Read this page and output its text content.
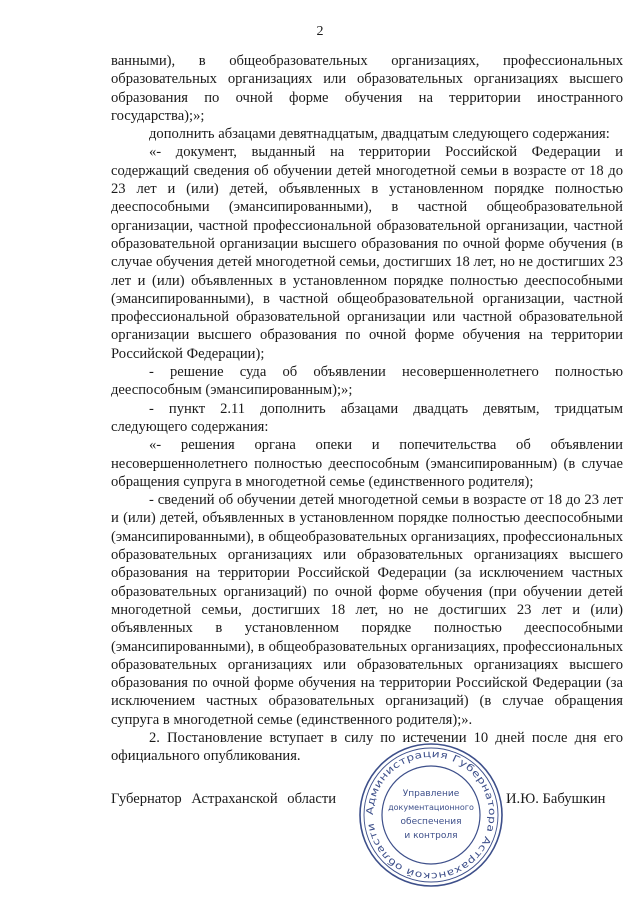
2

ванными), в общеобразовательных организациях, профессиональных образовательных организациях или образовательных организациях высшего образования по очной форме обучения на территории иностранного государства);»;

дополнить абзацами девятнадцатым, двадцатым следующего содержания:

«- документ, выданный на территории Российской Федерации и содержащий сведения об обучении детей многодетной семьи в возрасте от 18 до 23 лет и (или) детей, объявленных в установленном порядке полностью дееспособными (эмансипированными), в частной общеобразовательной организации, частной профессиональной образовательной организации, частной образовательной организации высшего образования по очной форме обучения (в случае обучения детей многодетной семьи, достигших 18 лет, но не достигших 23 лет и (или) объявленных в установленном порядке полностью дееспособными (эмансипированными), в частной общеобразовательной организации, частной профессиональной образовательной организации или частной образовательной организации высшего образования по очной форме обучения на территории Российской Федерации);

- решение суда об объявлении несовершеннолетнего полностью дееспособным (эмансипированным);»;

- пункт 2.11 дополнить абзацами двадцать девятым, тридцатым следующего содержания:

«- решения органа опеки и попечительства об объявлении несовершеннолетнего полностью дееспособным (эмансипированным) (в случае обращения супруга в многодетной семье (единственного родителя);

- сведений об обучении детей многодетной семьи в возрасте от 18 до 23 лет и (или) детей, объявленных в установленном порядке полностью дееспособными (эмансипированными), в общеобразовательных организациях, профессиональных образовательных организациях или образовательных организациях высшего образования на территории Российской Федерации (за исключением частных образовательных организаций) по очной форме обучения (при обучении детей многодетной семьи, достигших 18 лет, но не достигших 23 лет и (или) объявленных в установленном порядке полностью дееспособными (эмансипированными), в общеобразовательных организациях, профессиональных образовательных организациях или образовательных организациях высшего образования по очной форме обучения на территории Российской Федерации (за исключением частных образовательных организаций) (в случае обращения супруга в многодетной семье (единственного родителя);».

2. Постановление вступает в силу по истечении 10 дней после дня его официального опубликования.

Губернатор Астраханской области	И.Ю. Бабушкин
Администрация Губернатора Астраханской области
Управление
документационного
обеспечения
и контроля
